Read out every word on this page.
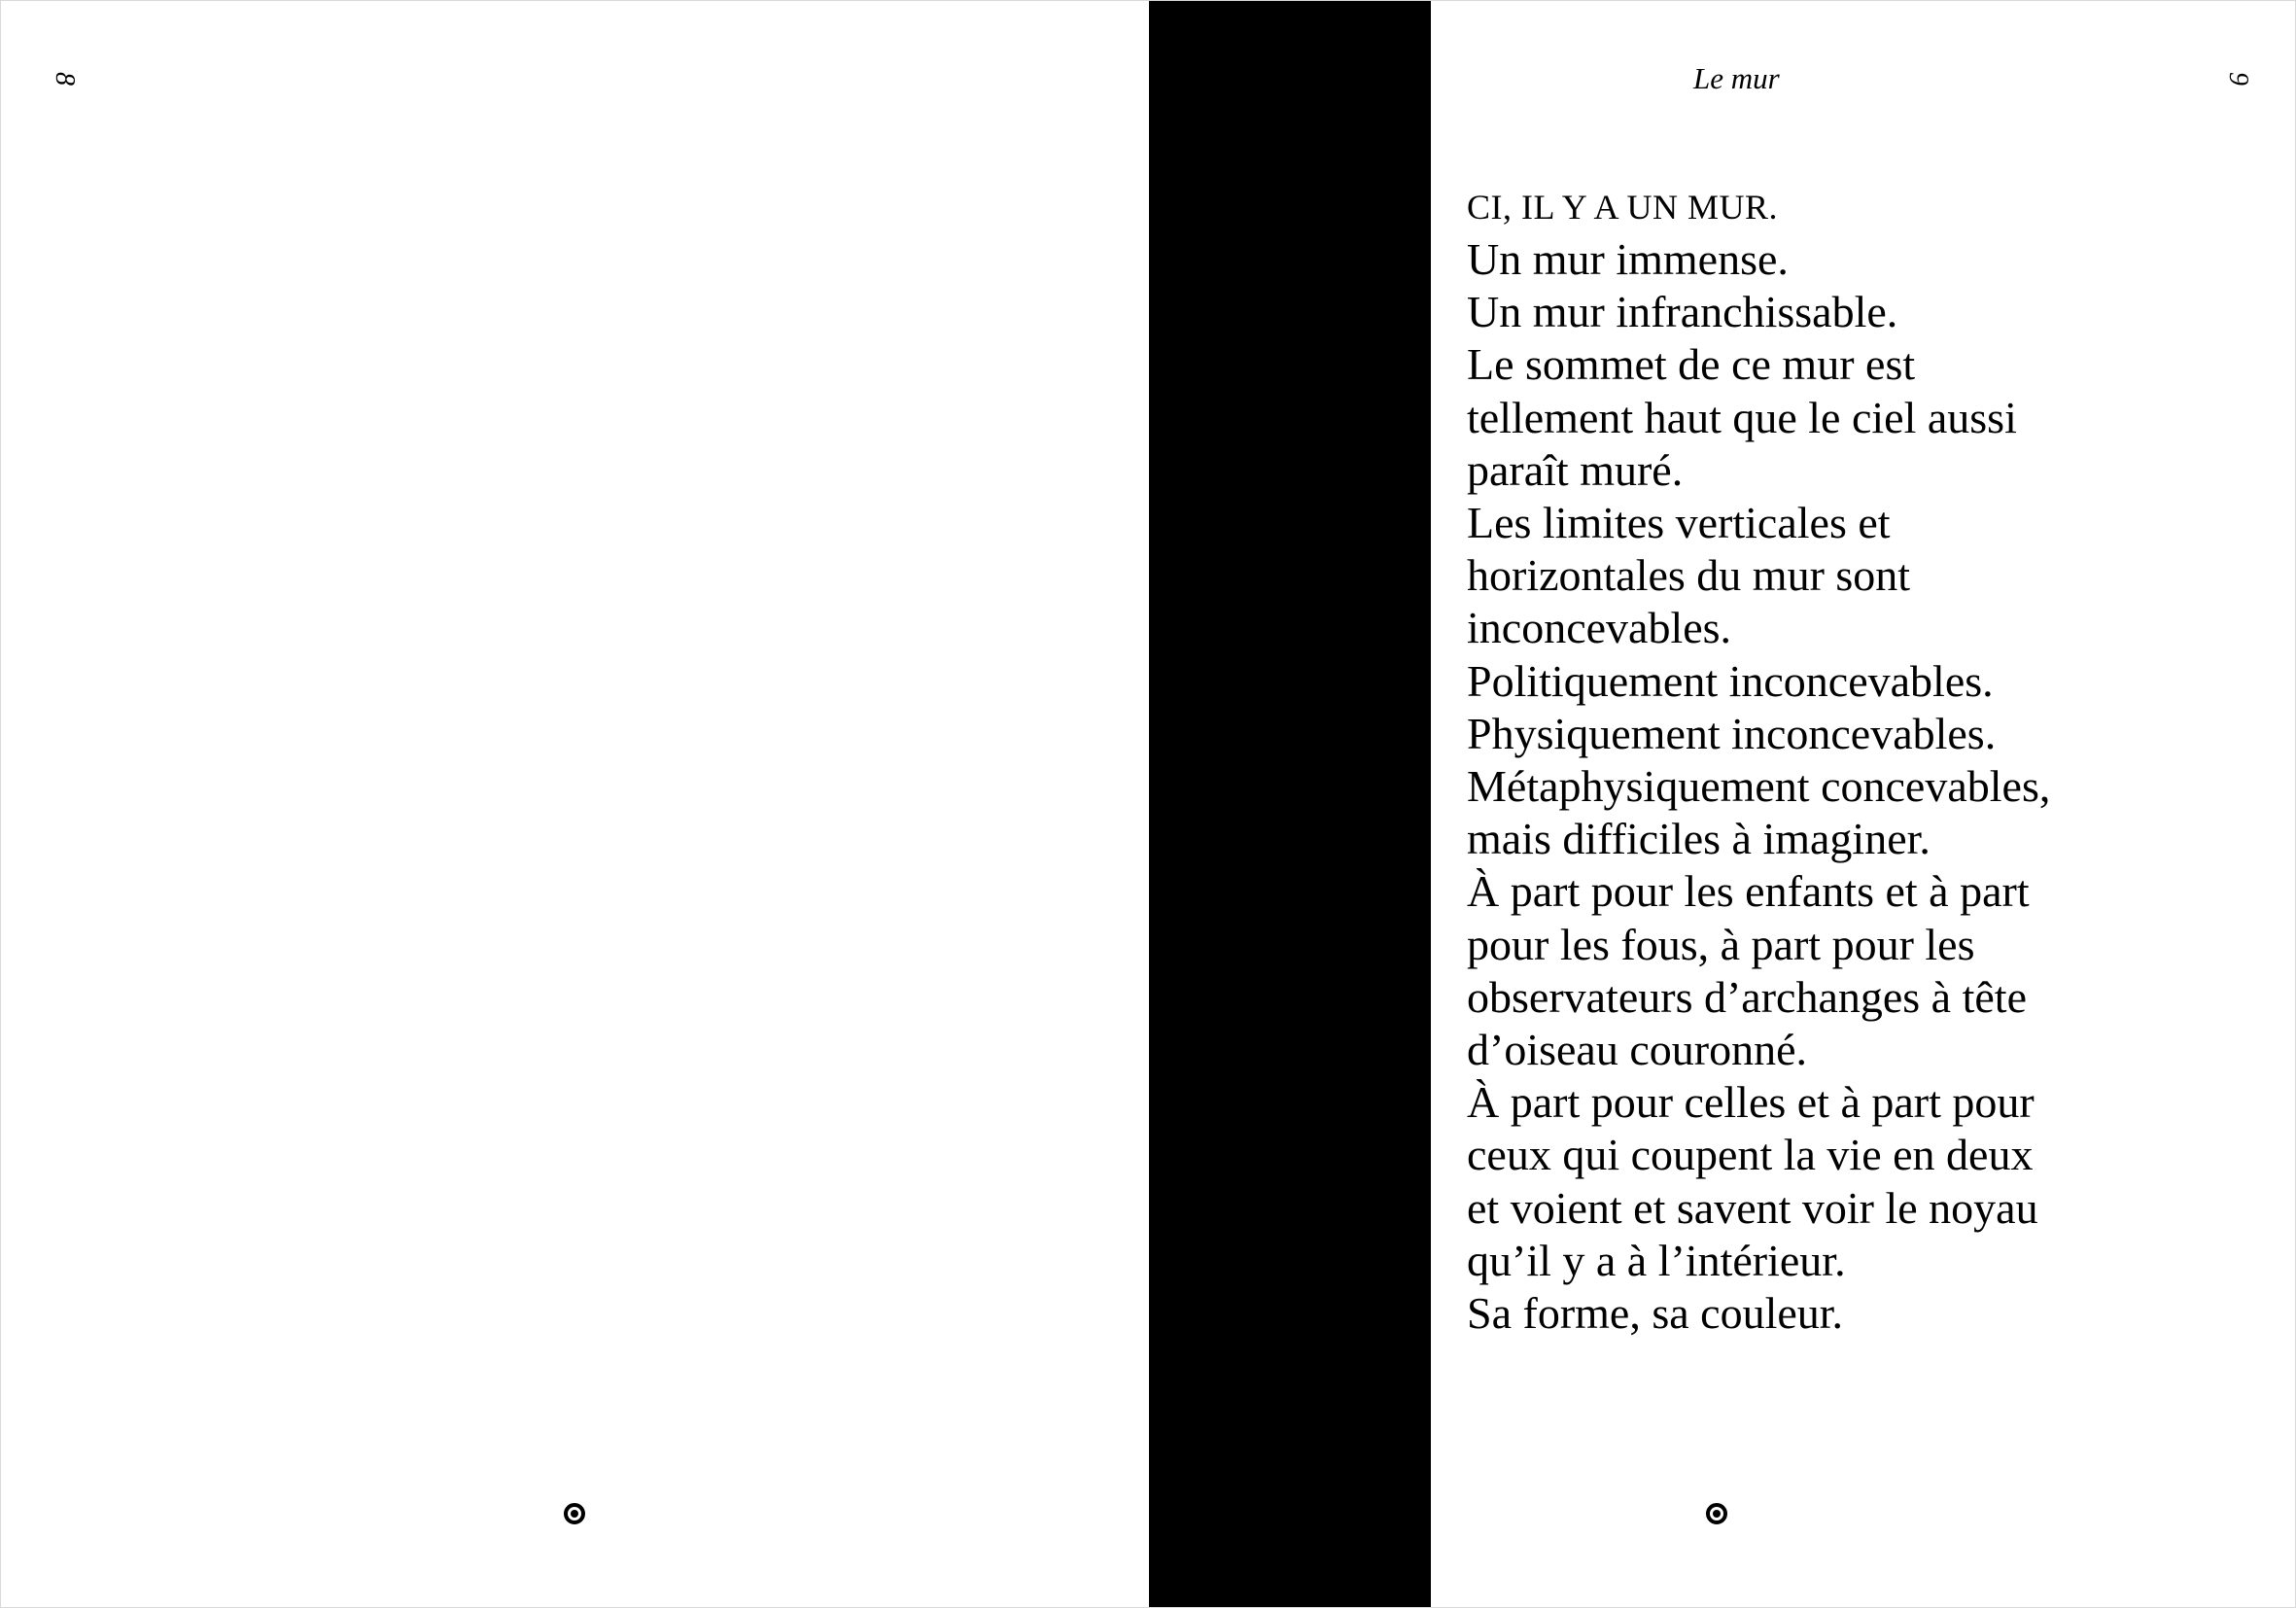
8	Le mur	9
CI, IL Y A UN MUR.
Un mur immense.
Un mur infranchissable.
Le sommet de ce mur est
tellement haut que le ciel aussi
paraît muré.
Les limites verticales et
horizontales du mur sont
inconcevables.
Politiquement inconcevables.
Physiquement inconcevables.
Métaphysiquement concevables,
mais difficiles à imaginer.
À part pour les enfants et à part
pour les fous, à part pour les
observateurs d’archanges à tête
d’oiseau couronné.
À part pour celles et à part pour
ceux qui coupent la vie en deux
et voient et savent voir le noyau
qu’il y a à l’intérieur.
Sa forme, sa couleur.
